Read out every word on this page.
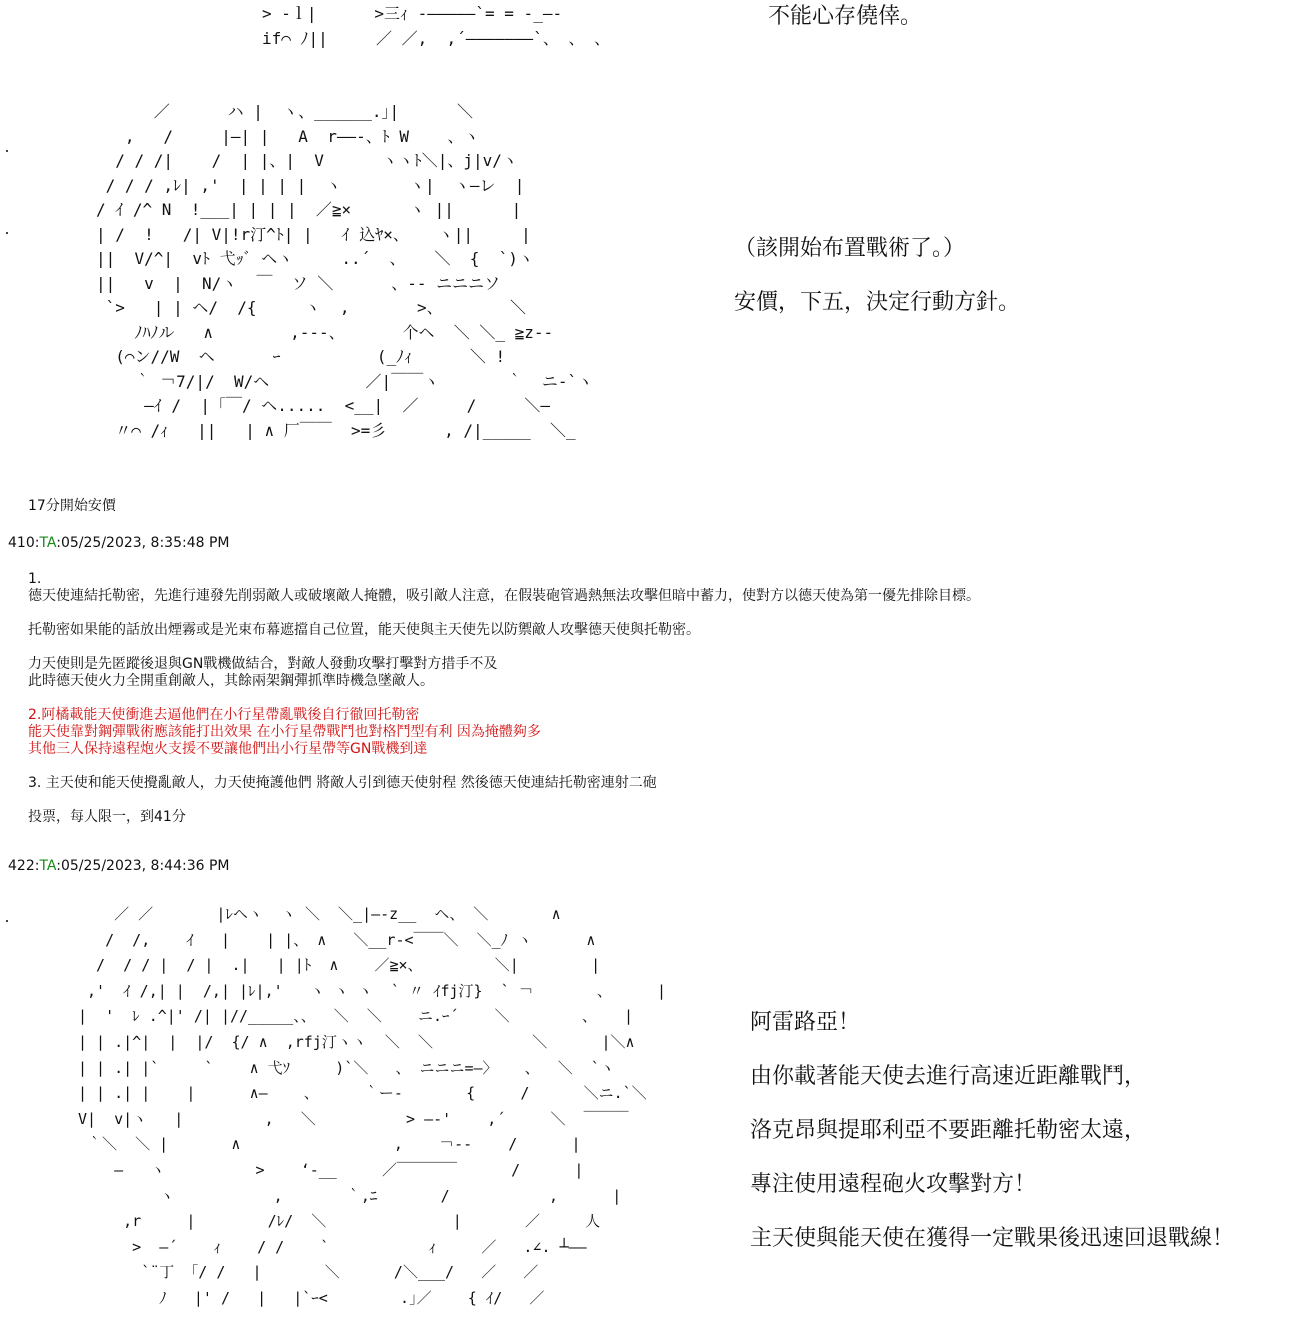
> -ｌ|      >三ｨ -―――――`= = -_―-
if⌒ ﾉ||     ／ ／,  ,´―――――――`、 、 、
不能心存僥倖。
／      ハ |  ヽ、______.｣|      ＼
,   /     |―| |   A  r――-、ﾄ W    、ヽ
/ / /|    /  | |、|  V      ヽヽﾄ＼|、j|v/ヽ
/ / / ,ﾚ| ,'  | | | |  ヽ       ヽ|  ヽ―レ  |
/ ｲ /^ N  !___| | | |  ／≧×      ヽ ||      |
| /  !   /| V|!r汀^ﾄ| |   ｲ 込ﾔ×、   ヽ||     |
||  V/^|  vﾄ 弋ｯﾞ ヘヽ     ..´  、   ＼  {  `)ヽ
||   v  |  N/ヽ  ￣  ソ ＼      、-- ニニニソ
`>   | | ヘ/  /{     ヽ  ,       >、       ＼
ﾉﾊﾉル   ∧        ,---、      个ヘ  ＼ ＼_ ≧z--
(⌒ン//W  ヘ      ｰ          (_ﾉｨ      ＼ !
｀ ￢7/|/  W/ヘ          ／|￣￣ヽ       ｀  ニ-`ヽ
―ｲ /  |「￣/ ヘ.....  <__|  ／     /     ＼―
〃⌒ /ｨ   ||   | ∧ 厂￣￣  >=彡      , /|_____  ＼_
（該開始布置戰術了。）
安價，下五，決定行動方針。
17分開始安價
410:TA:05/25/2023, 8:35:48 PM

1.

德天使連結托勒密，先進行連發先削弱敵人或破壞敵人掩體，吸引敵人注意，在假裝砲管過熱無法攻擊但暗中蓄力，使對方以德天使為第一優先排除目標。

托勒密如果能的話放出煙霧或是光束布幕遮擋自己位置，能天使與主天使先以防禦敵人攻擊德天使與托勒密。

力天使則是先匿蹤後退與GN戰機做結合，對敵人發動攻擊打擊對方措手不及

此時德天使火力全開重創敵人，其餘兩架鋼彈抓準時機急墜敵人。

2.阿橘載能天使衝進去逼他們在小行星帶亂戰後自行徹回托勒密

能天使靠對鋼彈戰術應該能打出效果 在小行星帶戰鬥也對格鬥型有利 因為掩體夠多

其他三人保持遠程炮火支援不要讓他們出小行星帶等GN戰機到達

3. 主天使和能天使攪亂敵人，力天使掩護他們 將敵人引到德天使射程 然後德天使連結托勒密連射二砲

投票，每人限一，到41分

422:TA:05/25/2023, 8:44:36 PM
／ ／       |ﾚヘヽ  ヽ ＼  ＼_|―-z__  ヘ、 ＼       ∧
/  /,    ｲ   |    | |、 ∧   ＼__r-<￣￣＼  ＼_ﾉ ヽ      ∧
/  / / |  / |  .|   | |ﾄ  ∧    ／≧×、        ＼|        |
,'  ｲ /,| |  /,| |ﾚ|,'   ヽ ヽ ヽ  ` 〃 ｲfj汀}  ` ￢       、     |
|  '  ﾚ .^|' /| |//_____、、  ＼  ＼    ニ.ｰ´    ＼        、   |
| | .|^|  |  |/  {/ ∧  ,rfj汀ヽヽ  ＼  ＼           ＼      |＼∧
| | .| |`     `    ∧ 弋ｿ     )`＼   、 ニニニ=―〉   、  ＼  `ヽ
| | .| |    |      ∧―    、     ｀ー-       {     /      ＼ニ.`＼
V|  v|ヽ   |         ,   ＼          > ―‐'    ,´     ＼  ￣￣￣
｀＼  ＼ |       ∧                 ,    ￢‐-    /      |
―   ヽ          >    ‘‐__     ／￣￣￣￣      /      |
ヽ           ,       ｀,ﾆ       /           ,      |
,r     |        /ﾚ/  ＼              |       ／     人
>  ―´    ｨ    / /    `           ｨ     ／   .∠. ┴――
`¨丁 「/ /   |       ＼      /＼___/   ／   ／
ﾉ   |' /   |   |`ｰ<        .｣／    { ｲ/   ／
阿雷路亞！
由你載著能天使去進行高速近距離戰鬥，
洛克昂與提耶利亞不要距離托勒密太遠，
專注使用遠程砲火攻擊對方！
主天使與能天使在獲得一定戰果後迅速回退戰線！
